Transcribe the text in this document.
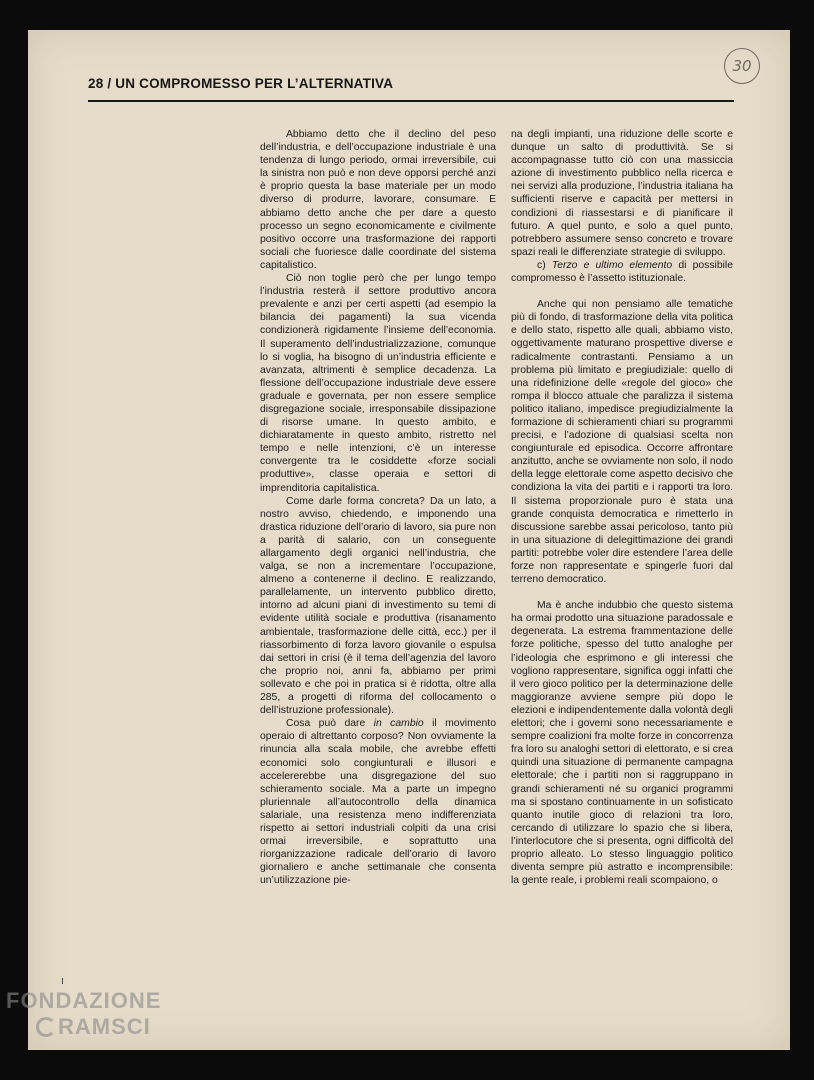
28 / UN COMPROMESSO PER L’ALTERNATIVA
30

Abbiamo detto che il declino del peso dell’industria, e dell’occupazione industriale è una tendenza di lungo periodo, ormai irreversibile, cui la sinistra non può e non deve opporsi perché anzi è proprio questa la base materiale per un modo diverso di produrre, lavorare, consumare. E abbiamo detto anche che per dare a questo processo un segno economicamente e civilmente positivo occorre una trasformazione dei rapporti sociali che fuoriesce dalle coordinate del sistema capitalistico.

Ciò non toglie però che per lungo tempo l’industria resterà il settore produttivo ancora prevalente e anzi per certi aspetti (ad esempio la bilancia dei pagamenti) la sua vicenda condizionerà rigidamente l’insieme dell’economia. Il superamento dell’industrializzazione, comunque lo si voglia, ha bisogno di un’industria efficiente e avanzata, altrimenti è semplice decadenza. La flessione dell’occupazione industriale deve essere graduale e governata, per non essere semplice disgregazione sociale, irresponsabile dissipazione di risorse umane. In questo ambito, e dichiaratamente in questo ambito, ristretto nel tempo e nelle intenzioni, c’è un interesse convergente tra le cosiddette «forze sociali produttive», classe operaia e settori di imprenditoria capitalistica.

Come darle forma concreta? Da un lato, a nostro avviso, chiedendo, e imponendo una drastica riduzione dell’orario di lavoro, sia pure non a parità di salario, con un conseguente allargamento degli organici nell’industria, che valga, se non a incrementare l’occupazione, almeno a contenerne il declino. E realizzando, parallelamente, un intervento pubblico diretto, intorno ad alcuni piani di investimento su temi di evidente utilità sociale e produttiva (risanamento ambientale, trasformazione delle città, ecc.) per il riassorbimento di forza lavoro giovanile o espulsa dai settori in crisi (è il tema dell’agenzia del lavoro che proprio noi, anni fa, abbiamo per primi sollevato e che poi in pratica si è ridotta, oltre alla 285, a progetti di riforma del collocamento o dell’istruzione professionale).

Cosa può dare in cambio il movimento operaio di altrettanto corposo? Non ovviamente la rinuncia alla scala mobile, che avrebbe effetti economici solo congiunturali e illusori e accelererebbe una disgregazione del suo schieramento sociale. Ma a parte un impegno pluriennale all’autocontrollo della dinamica salariale, una resistenza meno indifferenziata rispetto ai settori industriali colpiti da una crisi ormai irreversibile, e soprattutto una riorganizzazione radicale dell’orario di lavoro giornaliero e anche settimanale che consenta un’utilizzazione pie-

na degli impianti, una riduzione delle scorte e dunque un salto di produttività. Se si accompagnasse tutto ciò con una massiccia azione di investimento pubblico nella ricerca e nei servizi alla produzione, l’industria italiana ha sufficienti riserve e capacità per mettersi in condizioni di riassestarsi e di pianificare il futuro. A quel punto, e solo a quel punto, potrebbero assumere senso concreto e trovare spazi reali le differenziate strategie di sviluppo.

c) Terzo e ultimo elemento di possibile compromesso è l’assetto istituzionale.

Anche qui non pensiamo alle tematiche più di fondo, di trasformazione della vita politica e dello stato, rispetto alle quali, abbiamo visto, oggettivamente maturano prospettive diverse e radicalmente contrastanti. Pensiamo a un problema più limitato e pregiudiziale: quello di una ridefinizione delle «regole del gioco» che rompa il blocco attuale che paralizza il sistema politico italiano, impedisce pregiudizialmente la formazione di schieramenti chiari su programmi precisi, e l’adozione di qualsiasi scelta non congiunturale ed episodica. Occorre affrontare anzitutto, anche se ovviamente non solo, il nodo della legge elettorale come aspetto decisivo che condiziona la vita dei partiti e i rapporti tra loro. Il sistema proporzionale puro è stata una grande conquista democratica e rimetterlo in discussione sarebbe assai pericoloso, tanto più in una situazione di delegittimazione dei grandi partiti: potrebbe voler dire estendere l’area delle forze non rappresentate e spingerle fuori dal terreno democratico.

Ma è anche indubbio che questo sistema ha ormai prodotto una situazione paradossale e degenerata. La estrema frammentazione delle forze politiche, spesso del tutto analoghe per l’ideologia che esprimono e gli interessi che vogliono rappresentare, significa oggi infatti che il vero gioco politico per la determinazione delle maggioranze avviene sempre più dopo le elezioni e indipendentemente dalla volontà degli elettori; che i governi sono necessariamente e sempre coalizioni fra molte forze in concorrenza fra loro su analoghi settori di elettorato, e si crea quindi una situazione di permanente campagna elettorale; che i partiti non si raggruppano in grandi schieramenti né su organici programmi ma si spostano continuamente in un sofisticato quanto inutile gioco di relazioni tra loro, cercando di utilizzare lo spazio che si libera, l’interlocutore che si presenta, ogni difficoltà del proprio alleato. Lo stesso linguaggio politico diventa sempre più astratto e incomprensibile: la gente reale, i problemi reali scompaiono, o

FONDAZIONE
RAMSCI
